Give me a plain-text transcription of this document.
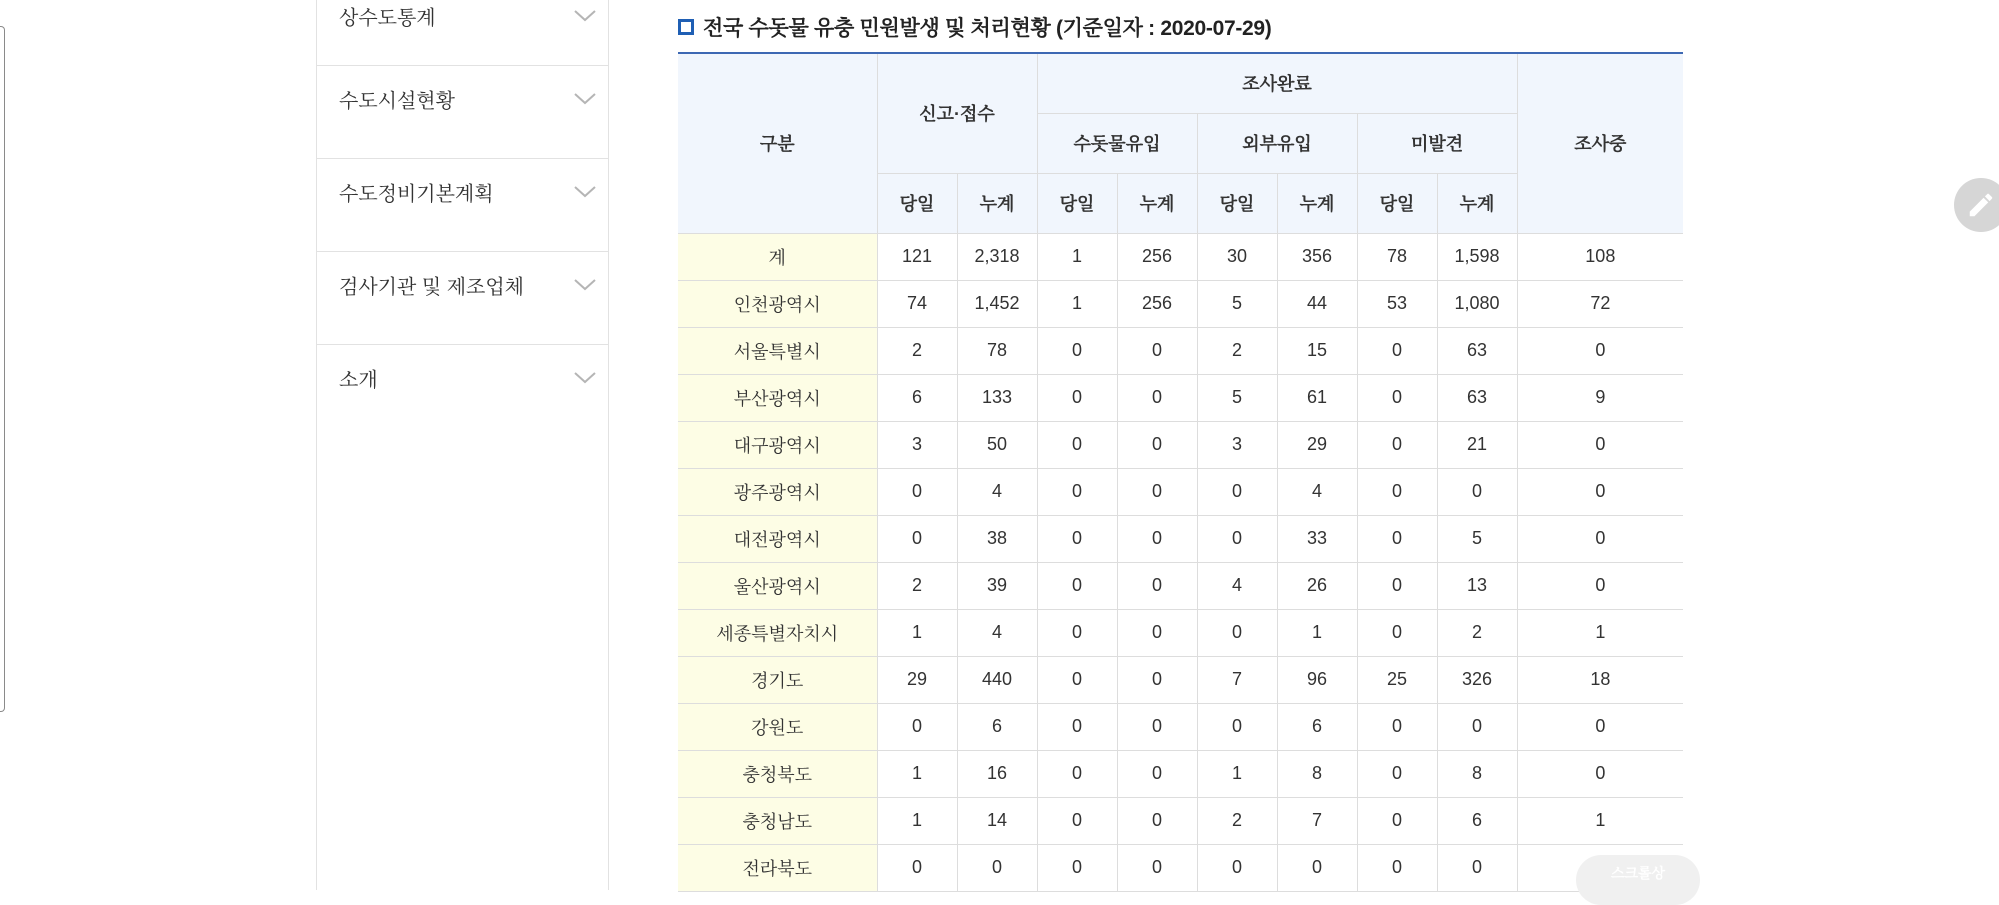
상수도통계
수도시설현황
수도정비기본계획
검사기관 및 제조업체
소개
전국 수돗물 유충 민원발생 및 처리현황 (기준일자 : 2020-07-29)
구분	신고·접수		조사완료						조사중
			수돗물유입		외부유입		미발견		
	당일	누계	당일	누계	당일	누계	당일	누계	
계	121	2,318	1	256	30	356	78	1,598	108
인천광역시	74	1,452	1	256	5	44	53	1,080	72
서울특별시	2	78	0	0	2	15	0	63	0
부산광역시	6	133	0	0	5	61	0	63	9
대구광역시	3	50	0	0	3	29	0	21	0
광주광역시	0	4	0	0	0	4	0	0	0
대전광역시	0	38	0	0	0	33	0	5	0
울산광역시	2	39	0	0	4	26	0	13	0
세종특별자치시	1	4	0	0	0	1	0	2	1
경기도	29	440	0	0	7	96	25	326	18
강원도	0	6	0	0	0	6	0	0	0
충청북도	1	16	0	0	1	8	0	8	0
충청남도	1	14	0	0	2	7	0	6	1
전라북도	0	0	0	0	0	0	0	0		스크롤상
